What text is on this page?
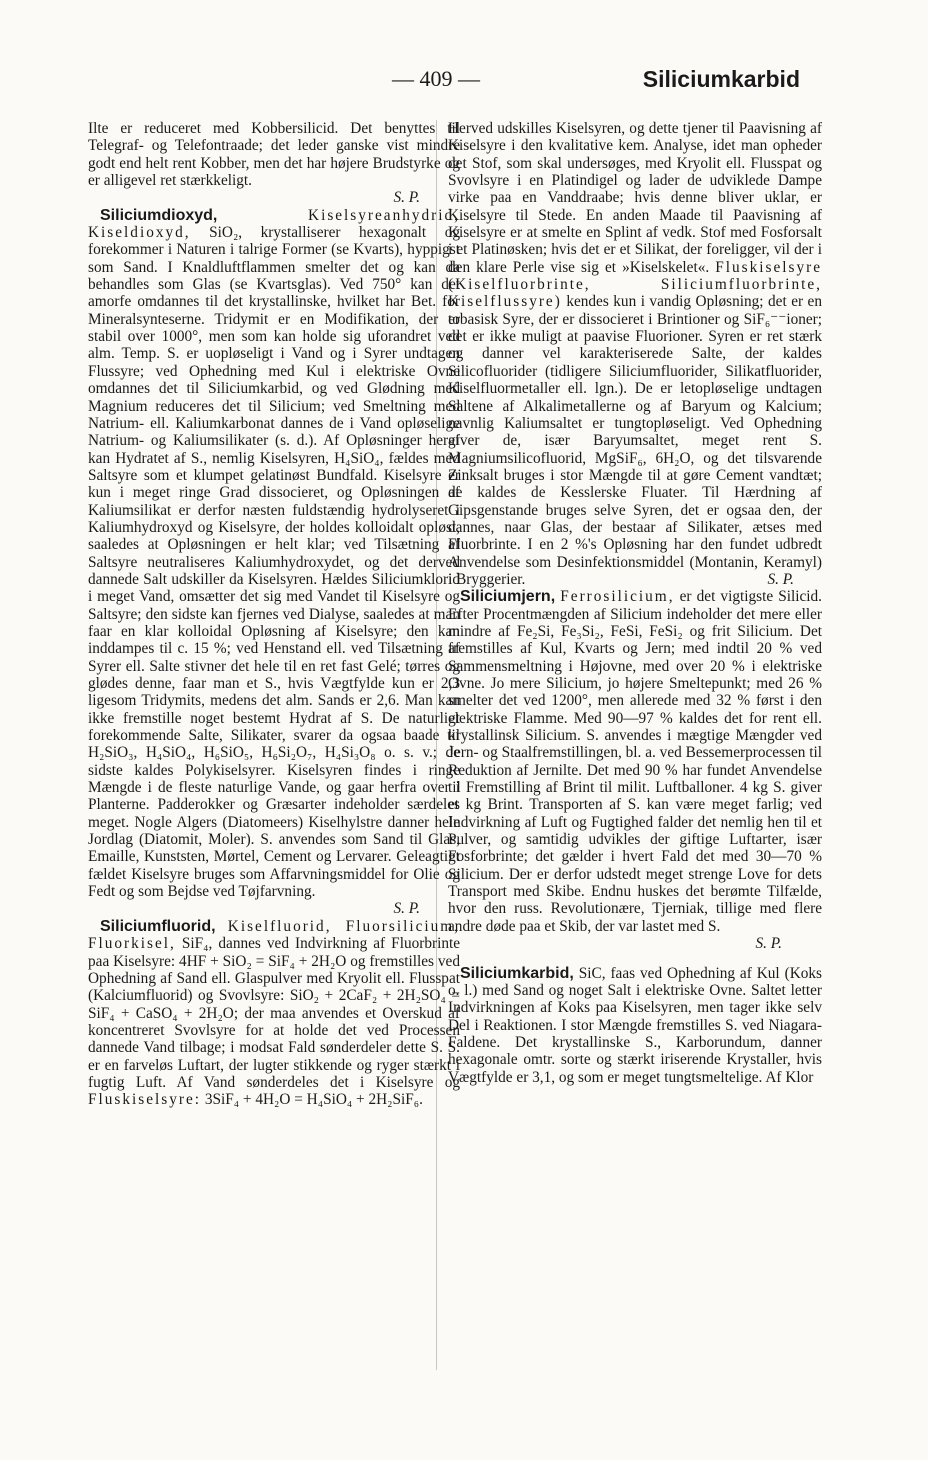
— 409 —	Siliciumkarbid

Ilte er reduceret med Kobbersilicid. Det benyttes til Telegraf- og Telefontraade; det leder ganske vist mindre godt end helt rent Kobber, men det har højere Brudstyrke og er alligevel ret stærkkeligt.
S. P.

Siliciumdioxyd,	Kiselsyreanhydrid, Kiseldioxyd, SiO₂, krystalliserer hexagonalt og forekommer i Naturen i talrige Former (se Kvarts), hyppigst som Sand. I Knaldluftflammen smelter det og kan da behandles som Glas (se Kvartsglas). Ved 750° kan det amorfe omdannes til det krystallinske, hvilket har Bet. for Mineralsynteserne. Tridymit er en Modifikation, der er stabil over 1000°, men som kan holde sig uforandret ved alm. Temp. S. er uopløseligt i Vand og i Syrer undtagen Flussyre; ved Ophedning med Kul i elektriske Ovne omdannes det til Siliciumkarbid, og ved Glødning med Magnium reduceres det til Silicium; ved Smeltning med Natrium- ell. Kaliumkarbonat dannes de i Vand opløselige Natrium- og Kaliumsilikater (s. d.). Af Opløsninger heraf kan Hydratet af S., nemlig Kiselsyren, H₄SiO₄, fældes med Saltsyre som et klumpet gelatinøst Bundfald. Kiselsyre er kun i meget ringe Grad dissocieret, og Opløsningen af Kaliumsilikat er derfor næsten fuldstændig hydrolyseret i Kaliumhydroxyd og Kiselsyre, der holdes kolloidalt opløst, saaledes at Opløsningen er helt klar; ved Tilsætning af Saltsyre neutraliseres Kaliumhydroxydet, og det derved dannede Salt udskiller da Kiselsyren. Hældes Siliciumklorid i meget Vand, omsætter det sig med Vandet til Kiselsyre og Saltsyre; den sidste kan fjernes ved Dialyse, saaledes at man faar en klar kolloidal Opløsning af Kiselsyre; den kan inddampes til c. 15 %; ved Henstand ell. ved Tilsætning af Syrer ell. Salte stivner det hele til en ret fast Gelé; tørres og glødes denne, faar man et S., hvis Vægtfylde kun er 2,3 ligesom Tridymits, medens det alm. Sands er 2,6. Man kan ikke fremstille noget bestemt Hydrat af S. De naturligt forekommende Salte, Silikater, svarer da ogsaa baade til H₂SiO₃, H₄SiO₄, H₆SiO₅, H₆Si₂O₇, H₄Si₃O₈ o. s. v.; de sidste kaldes Polykiselsyrer. Kiselsyren findes i ringe Mængde i de fleste naturlige Vande, og gaar herfra over i Planterne. Padderokker og Græsarter indeholder særdeles meget. Nogle Algers (Diatomeers) Kiselhylstre danner hele Jordlag (Diatomit, Moler). S. anvendes som Sand til Glas, Emaille, Kunststen, Mørtel, Cement og Lervarer. Geleagtigt fældet Kiselsyre bruges som Affarvningsmiddel for Olie og Fedt og som Bejdse ved Tøjfarvning.
S. P.

Siliciumfluorid, Kiselfluorid, Fluorsilicium, Fluorkisel, SiF₄, dannes ved Indvirkning af Fluorbrinte paa Kiselsyre: 4HF + SiO₂ = SiF₄ + 2H₂O og fremstilles ved Ophedning af Sand ell. Glaspulver med Kryolit ell. Flusspat (Kalciumfluorid) og Svovlsyre: SiO₂ + 2CaF₂ + 2H₂SO₄ = SiF₄ + CaSO₄ + 2H₂O; der maa anvendes et Overskud af koncentreret Svovlsyre for at holde det ved Processen dannede Vand tilbage; i modsat Fald sønderdeler dette S. S. er en farveløs Luftart, der lugter stikkende og ryger stærkt i fugtig Luft. Af Vand sønderdeles det i Kiselsyre og Fluskiselsyre: 3SiF₄ + 4H₂O = H₄SiO₄ + 2H₂SiF₆.

Herved udskilles Kiselsyren, og dette tjener til Paavisning af Kiselsyre i den kvalitative kem. Analyse, idet man opheder det Stof, som skal undersøges, med Kryolit ell. Flusspat og Svovlsyre i en Platindigel og lader de udviklede Dampe virke paa en Vanddraabe; hvis denne bliver uklar, er Kiselsyre til Stede. En anden Maade til Paavisning af Kiselsyre er at smelte en Splint af vedk. Stof med Fosforsalt i et Platinøsken; hvis det er et Silikat, der foreligger, vil der i den klare Perle vise sig et »Kiselskelet«. Fluskiselsyre (Kiselfluorbrinte, Siliciumfluorbrinte, Kiselflussyre) kendes kun i vandig Opløsning; det er en tobasisk Syre, der er dissocieret i Brintioner og SiF₆⁻⁻ioner; det er ikke muligt at paavise Fluorioner. Syren er ret stærk og danner vel karakteriserede Salte, der kaldes Silicofluorider (tidligere Siliciumfluorider, Silikatfluorider, Kiselfluormetaller ell. lgn.). De er letopløselige undtagen Saltene af Alkalimetallerne og af Baryum og Kalcium; navnlig Kaliumsaltet er tungtopløseligt. Ved Ophedning giver de, især Baryumsaltet, meget rent S. Magniumsilicofluorid, MgSiF₆, 6H₂O, og det tilsvarende Zinksalt bruges i stor Mængde til at gøre Cement vandtæt; de kaldes de Kesslerske Fluater. Til Hærdning af Gipsgenstande bruges selve Syren, det er ogsaa den, der dannes, naar Glas, der bestaar af Silikater, ætses med Fluorbrinte. I en 2 %'s Opløsning har den fundet udbredt Anvendelse som Desinfektionsmiddel (Montanin, Keramyl) i Bryggerier.	S. P.

Siliciumjern, Ferrosilicium, er det vigtigste Silicid. Efter Procentmængden af Silicium indeholder det mere eller mindre af Fe₂Si, Fe₃Si₂, FeSi, FeSi₂ og frit Silicium. Det fremstilles af Kul, Kvarts og Jern; med indtil 20 % ved Sammensmeltning i Højovne, med over 20 % i elektriske Ovne. Jo mere Silicium, jo højere Smeltepunkt; med 26 % smelter det ved 1200°, men allerede med 32 % først i den elektriske Flamme. Med 90—97 % kaldes det for rent ell. krystallinsk Silicium. S. anvendes i mægtige Mængder ved Jern- og Staalfremstillingen, bl. a. ved Bessemerprocessen til Reduktion af Jernilte. Det med 90 % har fundet Anvendelse til Fremstilling af Brint til milit. Luftballoner. 4 kg S. giver et kg Brint. Transporten af S. kan være meget farlig; ved Indvirkning af Luft og Fugtighed falder det nemlig hen til et Pulver, og samtidig udvikles der giftige Luftarter, især Fosforbrinte; det gælder i hvert Fald det med 30—70 % Silicium. Der er derfor udstedt meget strenge Love for dets Transport med Skibe. Endnu huskes det berømte Tilfælde, hvor den russ. Revolutionære, Tjerniak, tillige med flere andre døde paa et Skib, der var lastet med S.
S. P.

Siliciumkarbid, SiC, faas ved Ophedning af Kul (Koks o. l.) med Sand og noget Salt i elektriske Ovne. Saltet letter Indvirkningen af Koks paa Kiselsyren, men tager ikke selv Del i Reaktionen. I stor Mængde fremstilles S. ved Niagara-Faldene. Det krystallinske S., Karborundum, danner hexagonale omtr. sorte og stærkt iriserende Krystaller, hvis Vægtfylde er 3,1, og som er meget tungtsmeltelige. Af Klor
